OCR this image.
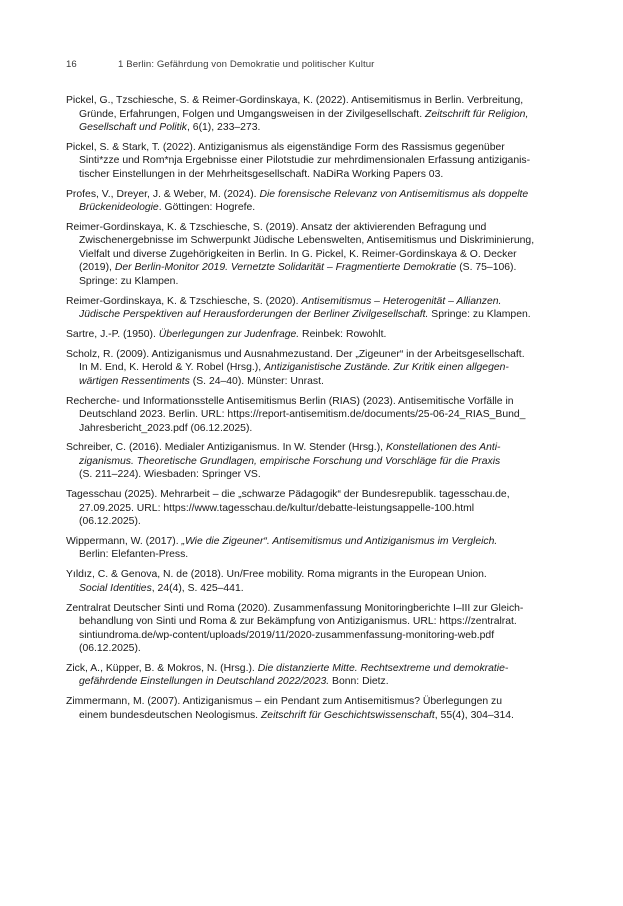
16	1 Berlin: Gefährdung von Demokratie und politischer Kultur
Pickel, G., Tzschiesche, S. & Reimer-Gordinskaya, K. (2022). Antisemitismus in Berlin. Verbreitung,
Gründe, Erfahrungen, Folgen und Umgangsweisen in der Zivilgesellschaft. Zeitschrift für Religion,
Gesellschaft und Politik, 6(1), 233–273.
Pickel, S. & Stark, T. (2022). Antiziganismus als eigenständige Form des Rassismus gegenüber
Sinti*zze und Rom*nja Ergebnisse einer Pilotstudie zur mehrdimensionalen Erfassung antiziganis-
tischer Einstellungen in der Mehrheitsgesellschaft. NaDiRa Working Papers 03.
Profes, V., Dreyer, J. & Weber, M. (2024). Die forensische Relevanz von Antisemitismus als doppelte
Brückenideologie. Göttingen: Hogrefe.
Reimer-Gordinskaya, K. & Tzschiesche, S. (2019). Ansatz der aktivierenden Befragung und
Zwischenergebnisse im Schwerpunkt Jüdische Lebenswelten, Antisemitismus und Diskriminierung,
Vielfalt und diverse Zugehörigkeiten in Berlin. In G. Pickel, K. Reimer-Gordinskaya & O. Decker
(2019), Der Berlin-Monitor 2019. Vernetzte Solidarität – Fragmentierte Demokratie (S. 75–106).
Springe: zu Klampen.
Reimer-Gordinskaya, K. & Tzschiesche, S. (2020). Antisemitismus – Heterogenität – Allianzen.
Jüdische Perspektiven auf Herausforderungen der Berliner Zivilgesellschaft. Springe: zu Klampen.
Sartre, J.-P. (1950). Überlegungen zur Judenfrage. Reinbek: Rowohlt.
Scholz, R. (2009). Antiziganismus und Ausnahmezustand. Der „Zigeuner“ in der Arbeitsgesellschaft.
In M. End, K. Herold & Y. Robel (Hrsg.), Antiziganistische Zustände. Zur Kritik einen allgegen-
wärtigen Ressentiments (S. 24–40). Münster: Unrast.
Recherche- und Informationsstelle Antisemitismus Berlin (RIAS) (2023). Antisemitische Vorfälle in
Deutschland 2023. Berlin. URL: https://report-antisemitism.de/documents/25-06-24_RIAS_Bund_
Jahresbericht_2023.pdf (06.12.2025).
Schreiber, C. (2016). Medialer Antiziganismus. In W. Stender (Hrsg.), Konstellationen des Anti-
ziganismus. Theoretische Grundlagen, empirische Forschung und Vorschläge für die Praxis
(S. 211–224). Wiesbaden: Springer VS.
Tagesschau (2025). Mehrarbeit – die „schwarze Pädagogik“ der Bundesrepublik. tagesschau.de,
27.09.2025. URL: https://www.tagesschau.de/kultur/debatte-leistungsappelle-100.html
(06.12.2025).
Wippermann, W. (2017). „Wie die Zigeuner“. Antisemitismus und Antiziganismus im Vergleich.
Berlin: Elefanten-Press.
Yıldız, C. & Genova, N. de (2018). Un/Free mobility. Roma migrants in the European Union.
Social Identities, 24(4), S. 425–441.
Zentralrat Deutscher Sinti und Roma (2020). Zusammenfassung Monitoringberichte I–III zur Gleich-
behandlung von Sinti und Roma & zur Bekämpfung von Antiziganismus. URL: https://zentralrat.
sintiundroma.de/wp-content/uploads/2019/11/2020-zusammenfassung-monitoring-web.pdf
(06.12.2025).
Zick, A., Küpper, B. & Mokros, N. (Hrsg.). Die distanzierte Mitte. Rechtsextreme und demokratie-
gefährdende Einstellungen in Deutschland 2022/2023. Bonn: Dietz.
Zimmermann, M. (2007). Antiziganismus – ein Pendant zum Antisemitismus? Überlegungen zu
einem bundesdeutschen Neologismus. Zeitschrift für Geschichtswissenschaft, 55(4), 304–314.
